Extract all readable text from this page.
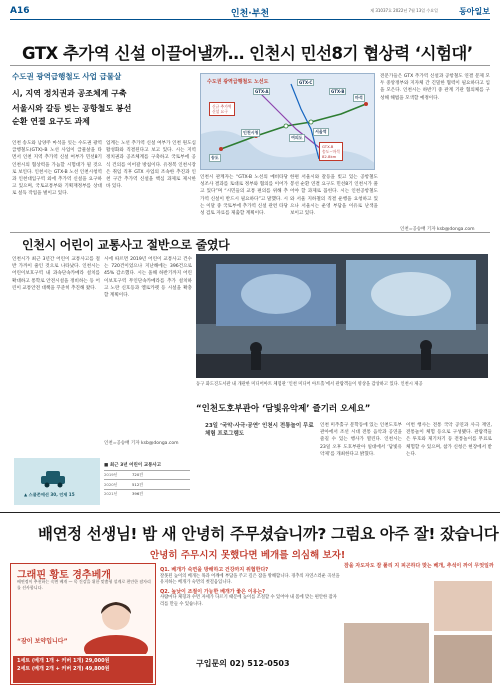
A16	인천·부천	제 31037호 2022년 7월 13일 수요일	동아일보
GTX 추가역 신설 이끌어낼까… 인천시 민선8기 협상력 ‘시험대’
수도권 광역급행철도 사업 급물살
시, 지역 정치권과 공조체계 구축
서울시와 갈등 빚는 공항철도 봉선
순환 연결 요구도 과제
인천 송도와 남양주 마석을 잇는 수도권 광역급행철도(GTX)-B 노선 사업이 급물살을 타면서 인천 지역 추가역 신설 여부가 민선8기 인천시의 협상력을 가늠할 시험대가 될 것으로 보인다. 인천시는 GTX-B 노선 인천시청역과 인천대입구역 외에 추가역 신설을 요구하고 있으며, 국토교통부와 기획재정부를 상대로 설득 작업을 벌이고 있다.
업계는 노선 추가역 신설 여부가 인천 원도심 활성화와 직결된다고 보고 있다. 시는 지역 정치권과 공조체계를 구축하고 국토부에 공식 건의를 이어갈 방침이다. 유정복 인천시장은 취임 직후 GTX 사업의 조속한 추진과 인천 구간 추가역 신설을 핵심 과제로 제시한 바 있다.
인천시 관계자는 “GTX-B 노선의 예비타당성조사 결과를 토대로 정부와 협의를 이어가고 있다”며 “시민들의 교통 편의를 위해 추가역 신설이 반드시 필요하다”고 말했다. 시는 이달 중 국토부에 추가역 신설 관련 타당성 검토 자료를 제출할 계획이다.
한편 서울시와 갈등을 빚고 있는 공항철도 봉선 순환 연결 요구도 민선8기 인천시가 풀어야 할 과제로 꼽힌다. 시는 인천공항철도와 서울 지하철의 직결 운행을 요청하고 있으나 서울시는 운영 부담을 이유로 난색을 보이고 있다.
전문가들은 GTX 추가역 신설과 공항철도 연결 문제 모두 중앙정부와 지자체 간 긴밀한 협력이 필요하다고 입을 모은다. 인천시는 하반기 중 관계 기관 협의체를 구성해 해법을 모색할 예정이다.
인천=공승배 기자 ksb@donga.com
수도권 광역급행철도 노선도
GTX-B
GTX-A
GTX-C
송도
마석
인천시청
여의도
서울역
GTX-B
송도~마석
82.8km
신규 추가역
신설 요구
인천시 어린이 교통사고 절반으로 줄였다
인천시가 최근 3년간 어린이 교통사고를 절반 가까이 줄인 것으로 나타났다. 인천시는 어린이보호구역 내 과속단속카메라 설치를 확대하고 통학로 안전시설을 정비하는 등 어린이 교통안전 대책을 꾸준히 추진해 왔다.
시에 따르면 2019년 어린이 교통사고 건수는 720건이었으나 지난해에는 396건으로 45% 감소했다. 시는 올해 하반기까지 어린이보호구역 무인단속카메라를 추가 설치하고 노란 신호등과 옐로카펫 등 시설을 확충할 계획이다.
인천=공승배 기자 ksb@donga.com
동구 화도진도서관 내 개관한 미디어아트 체험관 ‘인천 미디어 아트홀’에서 관람객들이 영상을 감상하고 있다. 인천시 제공
“인천도호부관아 ‘담빛유악제’ 즐기러 오세요”
23일 ‘국악·사극·공연’ 인천시 전통놀이 무료 체험 프로그램도
인천 미추홀구 문학동에 있는 인천도호부관아에서 조선 시대 전통 음악과 공연을 즐길 수 있는 행사가 열린다. 인천시는 23일 오후 도호부관아 일대에서 ‘담빛유악제’를 개최한다고 밝혔다.
이번 행사는 전통 국악 공연과 사극 재연, 전통놀이 체험 등으로 구성됐다. 관람객들은 투호와 제기차기 등 전통놀이를 무료로 체험할 수 있으며, 참가 신청은 현장에서 받는다.
▲ 스쿨존에선 30, 언제 15
■ 최근 3년 어린이 교통사고
2019년	720건
2020년	512건
2021년	396건
배연정 선생님! 밤 새 안녕히 주무셨습니까? 그럼요 아주 잘! 잤습니다
안녕히 주무시지 못했다면 베개를 의심해 보자!
그래핀 황토 경추베개
배연정이 추천하는 숙면 베개 — 목 건강을 위한 맞춤형 설계로 편안한 잠자리를 선사합니다.
“잠이 보약입니다”
1세트 (베개 1개 + 커버 1개) 29,000원
2세트 (베개 2개 + 커버 2개) 49,800원
Q1. 베개가 숙면을 방해하고 건강까지 위협한다?
잘못된 높이의 베개는 목과 어깨에 부담을 주고 깊은 잠을 방해합니다. 경추의 자연스러운 곡선을 유지하는 베개가 숙면의 첫걸음입니다.
Q2. 높낮이 조절이 가능한 베개가 좋은 이유는?
사람마다 체형과 수면 자세가 다르기 때문에 높이를 조절할 수 있어야 내 몸에 맞는 편안한 잠자리를 만들 수 있습니다.
구입문의 02) 512-0503
잠을 자도자도 잠 풀리 지 피곤하다 맞는 베개, 추석이 까이 무엇일까
